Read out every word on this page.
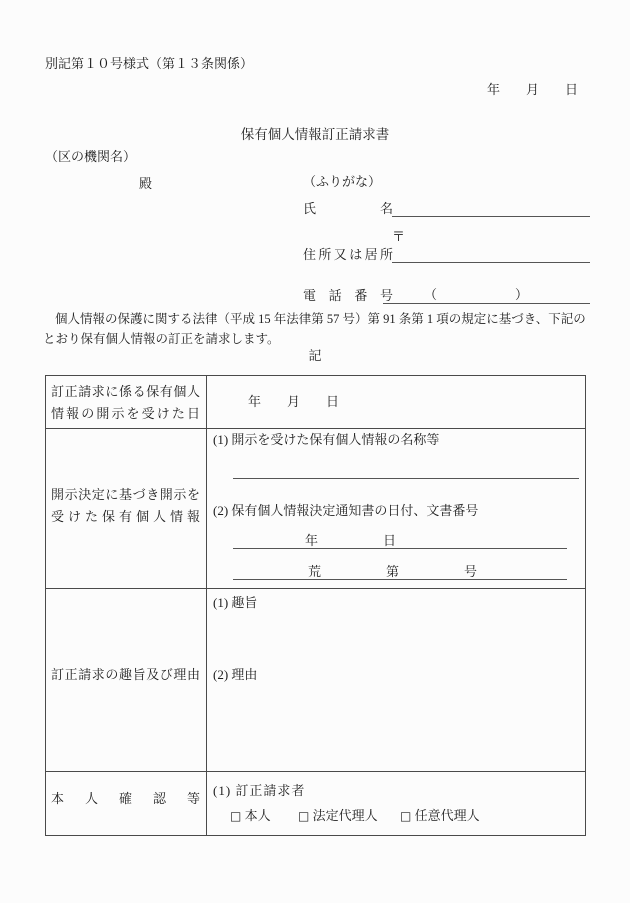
別記第１０号様式（第１３条関係）
年　　月　　日
保有個人情報訂正請求書
（区の機関名）
殿	（ふりがな）
氏名
〒
住所又は居所
電話番号 （　　　　　　）
個人情報の保護に関する法律（平成 15 年法律第 57 号）第 91 条第 1 項の規定に基づき、下記のとおり保有個人情報の訂正を請求します。
記
訂正請求に係る保有個人
情報の開示を受けた日
年　　月　　日
開示決定に基づき開示を
受けた保有個人情報
(1) 開示を受けた保有個人情報の名称等
(2) 保有個人情報決定通知書の日付、文書番号
年　　　　　日
荒　　　　　第　　　　　号
訂正請求の趣旨及び理由
(1) 趣旨
(2) 理由
本人確認等
(1) 訂正請求者
□ 本人 □ 法定代理人 □ 任意代理人
